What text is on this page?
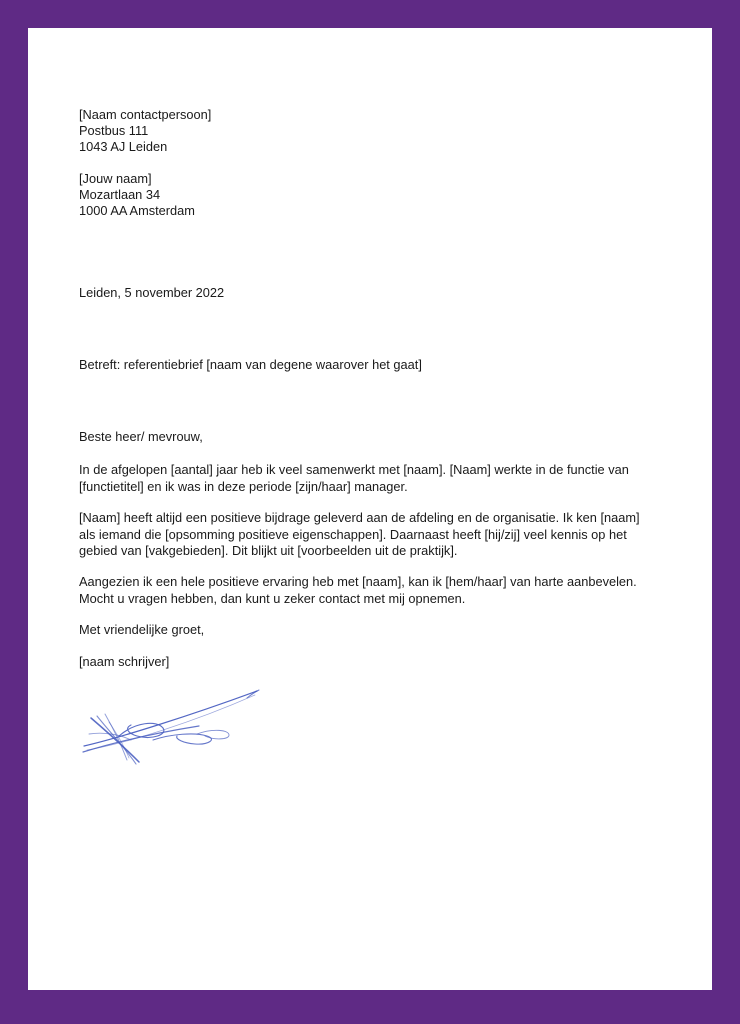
[Naam contactpersoon]
Postbus 111
1043 AJ Leiden
[Jouw naam]
Mozartlaan 34
1000 AA Amsterdam
Leiden, 5 november 2022
Betreft: referentiebrief [naam van degene waarover het gaat]
Beste heer/ mevrouw,
In de afgelopen [aantal] jaar heb ik veel samenwerkt met [naam]. [Naam] werkte in de functie van [functietitel] en ik was in deze periode [zijn/haar] manager.
[Naam] heeft altijd een positieve bijdrage geleverd aan de afdeling en de organisatie. Ik ken [naam] als iemand die [opsomming positieve eigenschappen]. Daarnaast heeft [hij/zij] veel kennis op het gebied van [vakgebieden]. Dit blijkt uit [voorbeelden uit de praktijk].
Aangezien ik een hele positieve ervaring heb met [naam], kan ik [hem/haar] van harte aanbevelen. Mocht u vragen hebben, dan kunt u zeker contact met mij opnemen.
Met vriendelijke groet,
[naam schrijver]
